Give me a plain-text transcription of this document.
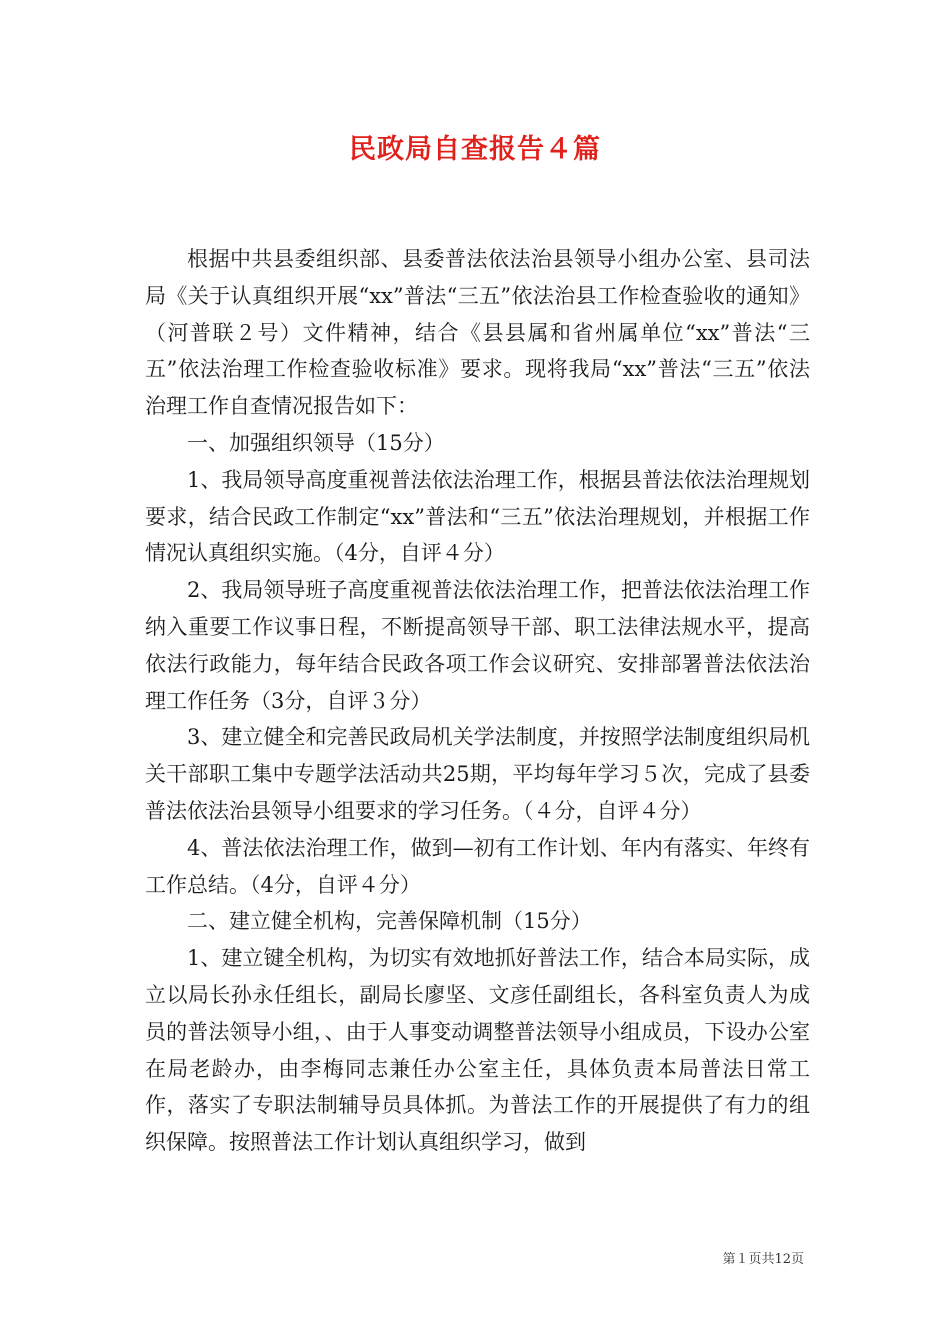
民政局自查报告４篇

根据中共县委组织部、县委普法依法治县领导小组办公室、县司法局《关于认真组织开展“xx”普法“三五”依法治县工作检查验收的通知》（河普联２号）文件精神，结合《县县属和省州属单位“xx”普法“三五”依法治理工作检查验收标准》要求。现将我局“xx”普法“三五”依法治理工作自查情况报告如下：

一、加强组织领导（15分）

1、我局领导高度重视普法依法治理工作，根据县普法依法治理规划要求，结合民政工作制定“xx”普法和“三五”依法治理规划，并根据工作情况认真组织实施。（4分，自评４分）

2、我局领导班子高度重视普法依法治理工作，把普法依法治理工作纳入重要工作议事日程，不断提高领导干部、职工法律法规水平，提高依法行政能力，每年结合民政各项工作会议研究、安排部署普法依法治理工作任务（3分，自评３分）

3、建立健全和完善民政局机关学法制度，并按照学法制度组织局机关干部职工集中专题学法活动共25期，平均每年学习５次，完成了县委普法依法治县领导小组要求的学习任务。（４分，自评４分）

4、普法依法治理工作，做到—初有工作计划、年内有落实、年终有工作总结。（4分，自评４分）

二、建立健全机构，完善保障机制（15分）

1、建立键全机构，为切实有效地抓好普法工作，结合本局实际，成立以局长孙永任组长，副局长廖坚、文彦任副组长，各科室负责人为成员的普法领导小组，、由于人事变动调整普法领导小组成员，下设办公室在局老龄办，由李梅同志兼任办公室主任，具体负责本局普法日常工作，落实了专职法制辅导员具体抓。为普法工作的开展提供了有力的组织保障。按照普法工作计划认真组织学习，做到

第１页共12页
